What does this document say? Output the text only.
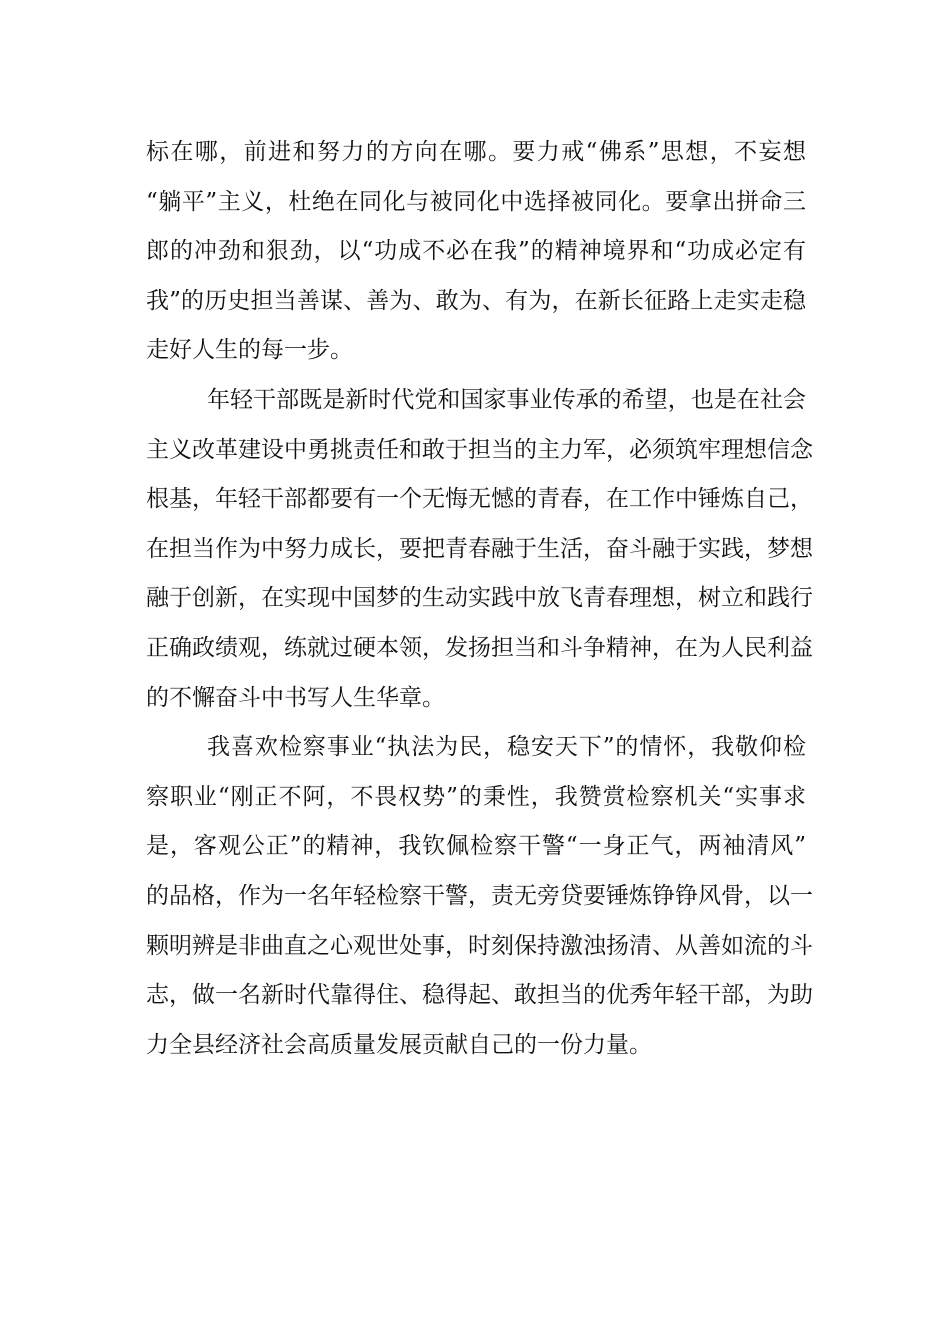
标在哪，前进和努力的方向在哪。要力戒“佛系”思想，不妄想
“躺平”主义，杜绝在同化与被同化中选择被同化。要拿出拼命三
郎的冲劲和狠劲，以“功成不必在我”的精神境界和“功成必定有
我”的历史担当善谋、善为、敢为、有为，在新长征路上走实走稳
走好人生的每一步。
年轻干部既是新时代党和国家事业传承的希望，也是在社会
主义改革建设中勇挑责任和敢于担当的主力军，必须筑牢理想信念
根基，年轻干部都要有一个无悔无憾的青春，在工作中锤炼自己，
在担当作为中努力成长，要把青春融于生活，奋斗融于实践，梦想
融于创新，在实现中国梦的生动实践中放飞青春理想，树立和践行
正确政绩观，练就过硬本领，发扬担当和斗争精神，在为人民利益
的不懈奋斗中书写人生华章。
我喜欢检察事业“执法为民，稳安天下”的情怀，我敬仰检
察职业“刚正不阿，不畏权势”的秉性，我赞赏检察机关“实事求
是，客观公正”的精神，我钦佩检察干警“一身正气，两袖清风”
的品格，作为一名年轻检察干警，责无旁贷要锤炼铮铮风骨，以一
颗明辨是非曲直之心观世处事，时刻保持激浊扬清、从善如流的斗
志，做一名新时代靠得住、稳得起、敢担当的优秀年轻干部，为助
力全县经济社会高质量发展贡献自己的一份力量。
